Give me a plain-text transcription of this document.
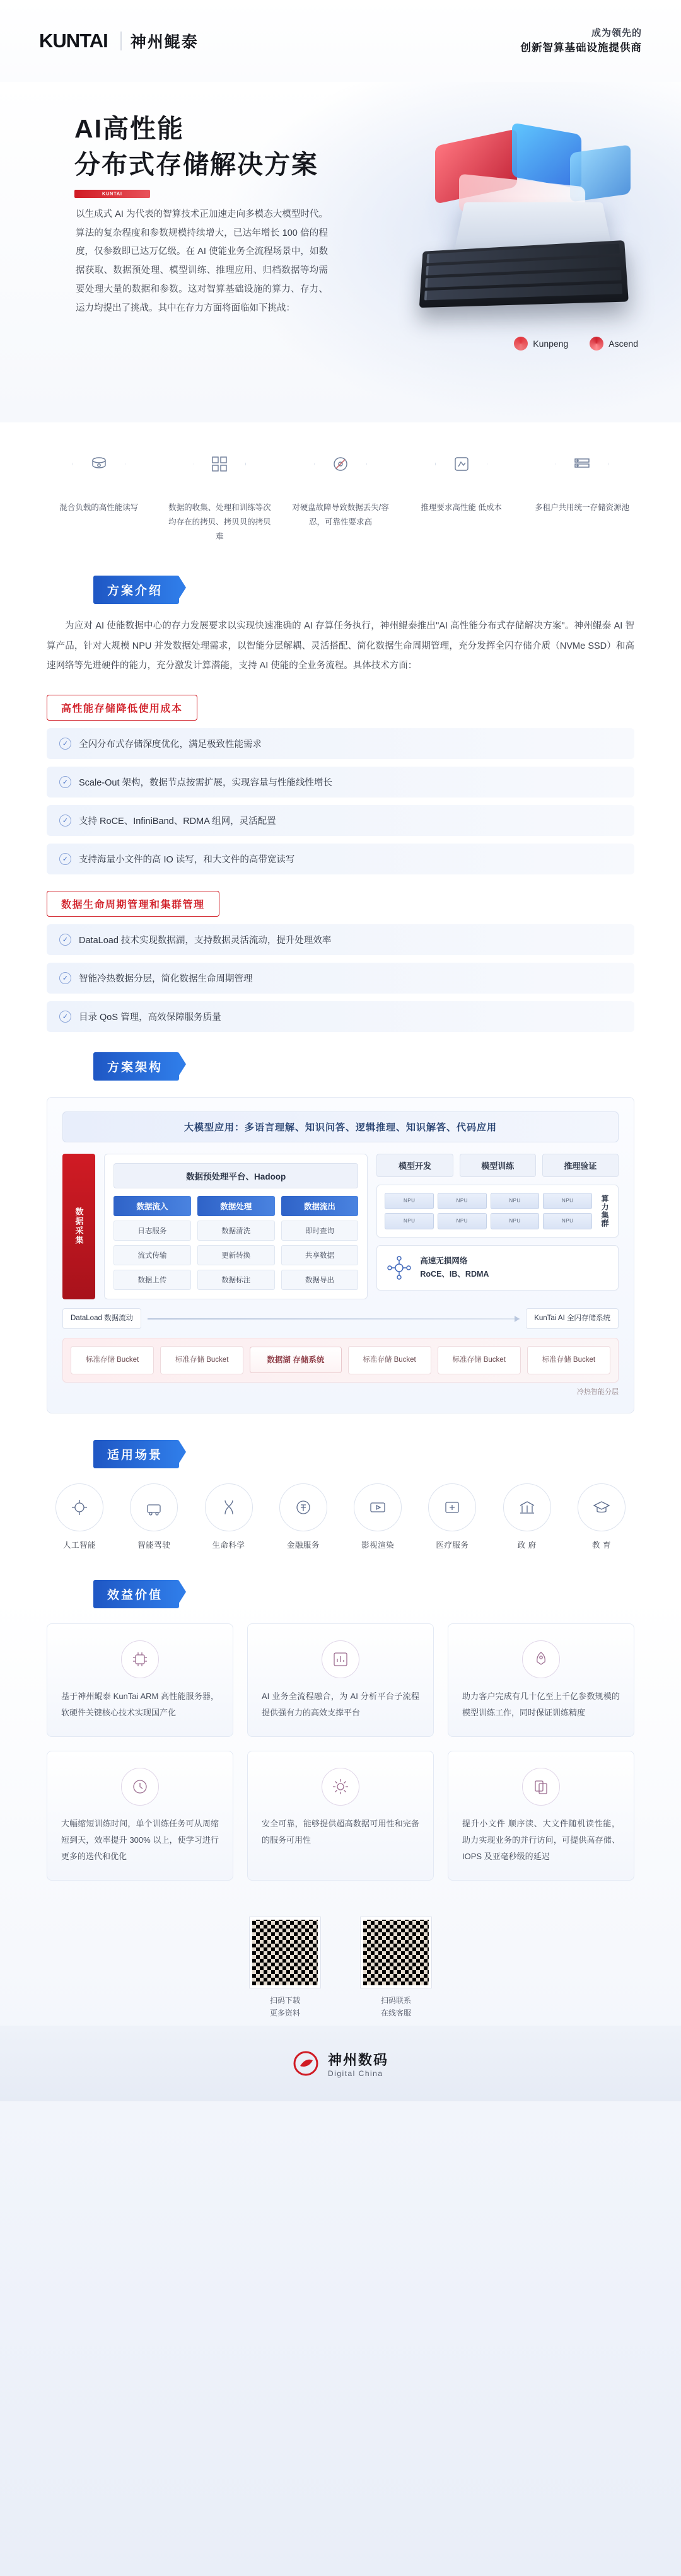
KUNTAI 神州鲲泰
成为领先的
创新智算基础设施提供商
AI高性能
分布式存储解决方案
KUNTAI
以生成式 AI 为代表的智算技术正加速走向多模态大模型时代。算法的复杂程度和参数规模持续增大，已达年增长 100 倍的程度，仅参数即已达万亿级。在 AI 使能业务全流程场景中，如数据获取、数据预处理、模型训练、推理应用、归档数据等均需要处理大量的数据和参数。这对智算基础设施的算力、存力、运力均提出了挑战。其中在存力方面将面临如下挑战：
Kunpeng	Ascend

混合负载的高性能读写	数据的收集、处理和训练等次均存在的拷贝、拷贝贝的拷贝难

对硬盘故障导致数据丢失/容忍，可靠性要求高

推理要求高性能 低成本	多租户共用统一存储资源池

方案介绍

为应对 AI 使能数据中心的存力发展要求以实现快速准确的 AI 存算任务执行，神州鲲泰推出"AI 高性能分布式存储解决方案"。神州鲲泰 AI 智算产品，针对大规模 NPU 并发数据处理需求，以智能分层解耦、灵活搭配、简化数据生命周期管理，充分发挥全闪存储介质（NVMe SSD）和高速网络等先进硬件的能力，充分激发计算潜能，支持 AI 使能的全业务流程。具体技术方面：

高性能存储降低使用成本
✓	全闪分布式存储深度优化，满足极致性能需求
✓	Scale-Out 架构，数据节点按需扩展，实现容量与性能线性增长
✓	支持 RoCE、InfiniBand、RDMA 组网，灵活配置
✓	支持海量小文件的高 IO 读写，和大文件的高带宽读写
数据生命周期管理和集群管理
✓	DataLoad 技术实现数据湖，支持数据灵活流动，提升处理效率
✓	智能冷热数据分层，简化数据生命周期管理
✓	目录 QoS 管理，高效保障服务质量
方案架构
大模型应用：多语言理解、知识问答、逻辑推理、知识解答、代码应用
数据采集
数据预处理平台、Hadoop
数据流入
日志服务
流式传输
数据上传
数据处理
数据清洗
更新转换
数据标注
数据流出
即时查询
共享数据
数据导出
模型开发	模型训练	推理验证
NPU	NPU	NPU	NPU
NPU	NPU	NPU	NPU	算力集群
高速无损网络
RoCE、IB、RDMA
DataLoad 数据流动	KunTai AI 全闪存储系统
标准存储 Bucket	标准存储 Bucket	数据湖 存储系统	标准存储 Bucket	标准存储 Bucket	标准存储 Bucket
冷热智能分层
适用场景
人工智能	智能驾驶	生命科学	金融服务	影视渲染	医疗服务	政 府	教 育
效益价值

基于神州鲲泰 KunTai ARM 高性能服务器，软硬件关键核心技术实现国产化

AI 业务全流程融合，为 AI 分析平台子流程提供强有力的高效支撑平台

助力客户完成有几十亿至上千亿参数规模的模型训练工作，同时保证训练精度

大幅缩短训练时间，单个训练任务可从周缩短到天，效率提升 300% 以上，使学习进行更多的迭代和优化

安全可靠，能够提供超高数据可用性和完备的服务可用性

提升小文件 顺序读、大文件随机读性能，助力实现业务的并行访问，可提供高存储、IOPS 及亚毫秒级的延迟

扫码下载
更多资料
扫码联系
在线客服
神州数码
Digital China
